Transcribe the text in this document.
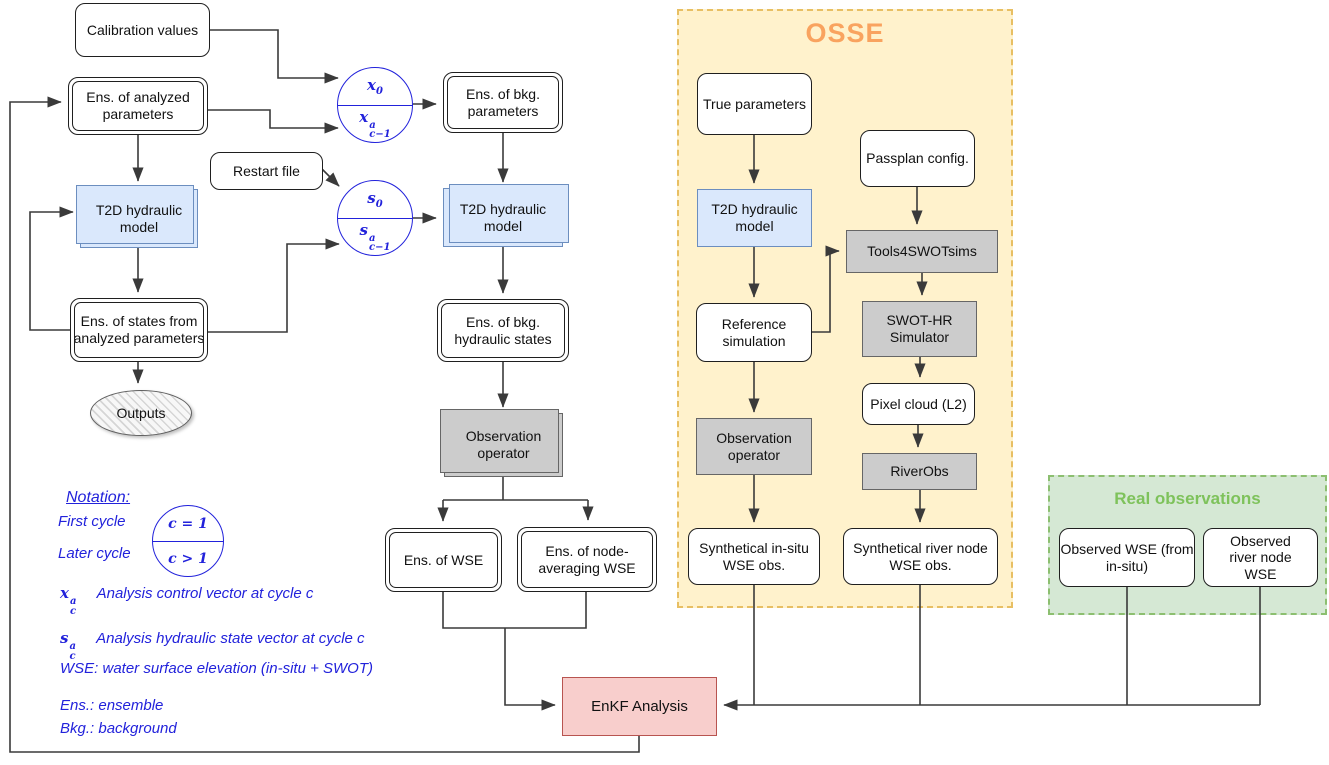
OSSE
Real observations
Calibration values
Ens. of analyzed parameters
$x_0$
x a
c−1
Ens. of bkg. parameters
Restart file
$s_0$
s a
c−1
T2D hydraulic model
T2D hydraulic model
Ens. of states from analyzed parameters
Outputs
Ens. of bkg. hydraulic states
Observation operator
Ens. of WSE
Ens. of node-averaging WSE
EnKF Analysis
True parameters
T2D hydraulic model
Reference simulation
Observation operator
Synthetical in-situ WSE obs.
Passplan config.
Tools4SWOTsims
SWOT-HR Simulator
Pixel cloud (L2)
RiverObs
Synthetical river node WSE obs.
Observed WSE (from in-situ)
Observed river node WSE
Notation:
First cycle
Later cycle
c = 1
c > 1
x a
c
Analysis control vector at cycle c
s a
c
Analysis hydraulic state vector at cycle c
WSE: water surface elevation (in-situ + SWOT)
Ens.: ensemble
Bkg.: background
